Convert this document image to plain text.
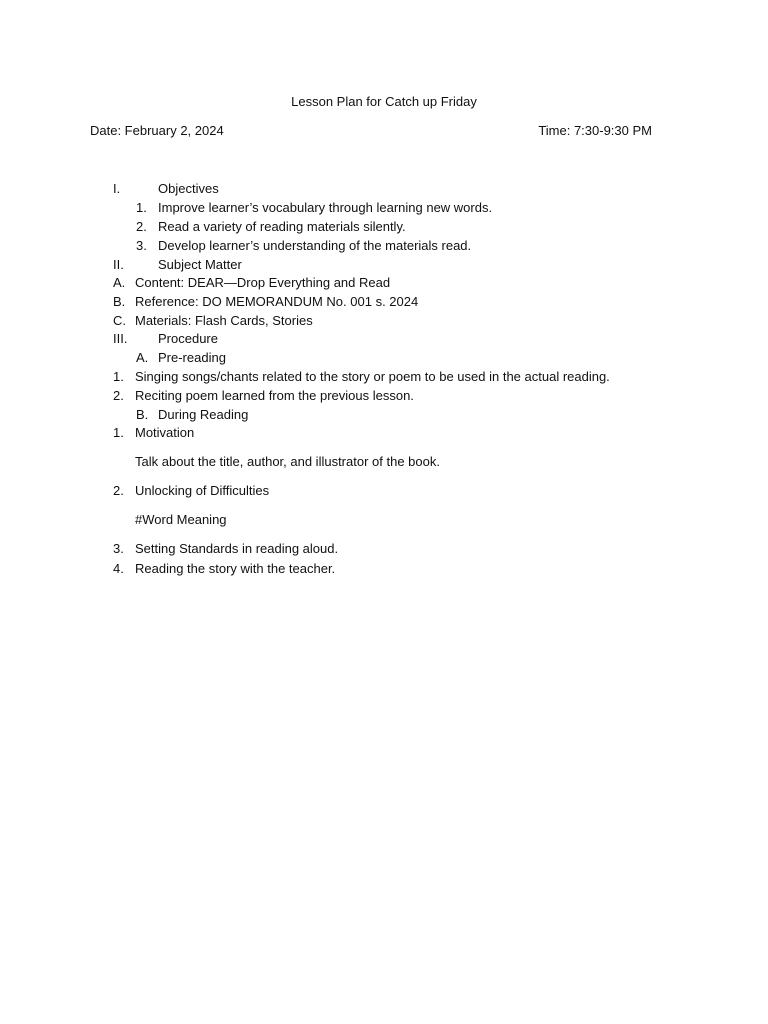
Lesson Plan for Catch up Friday
Date: February 2, 2024	Time: 7:30-9:30 PM
I.	Objectives
1. Improve learner’s vocabulary through learning new words.
2. Read a variety of reading materials silently.
3. Develop learner’s understanding of the materials read.
II.	Subject Matter
A. Content: DEAR—Drop Everything and Read
B. Reference: DO MEMORANDUM No. 001 s. 2024
C. Materials: Flash Cards, Stories
III. Procedure
A. Pre-reading
1. Singing songs/chants related to the story or poem to be used in the actual reading.
2. Reciting poem learned from the previous lesson.
B. During Reading
1. Motivation
Talk about the title, author, and illustrator of the book.
2. Unlocking of Difficulties
#Word Meaning
3. Setting Standards in reading aloud.
4. Reading the story with the teacher.
